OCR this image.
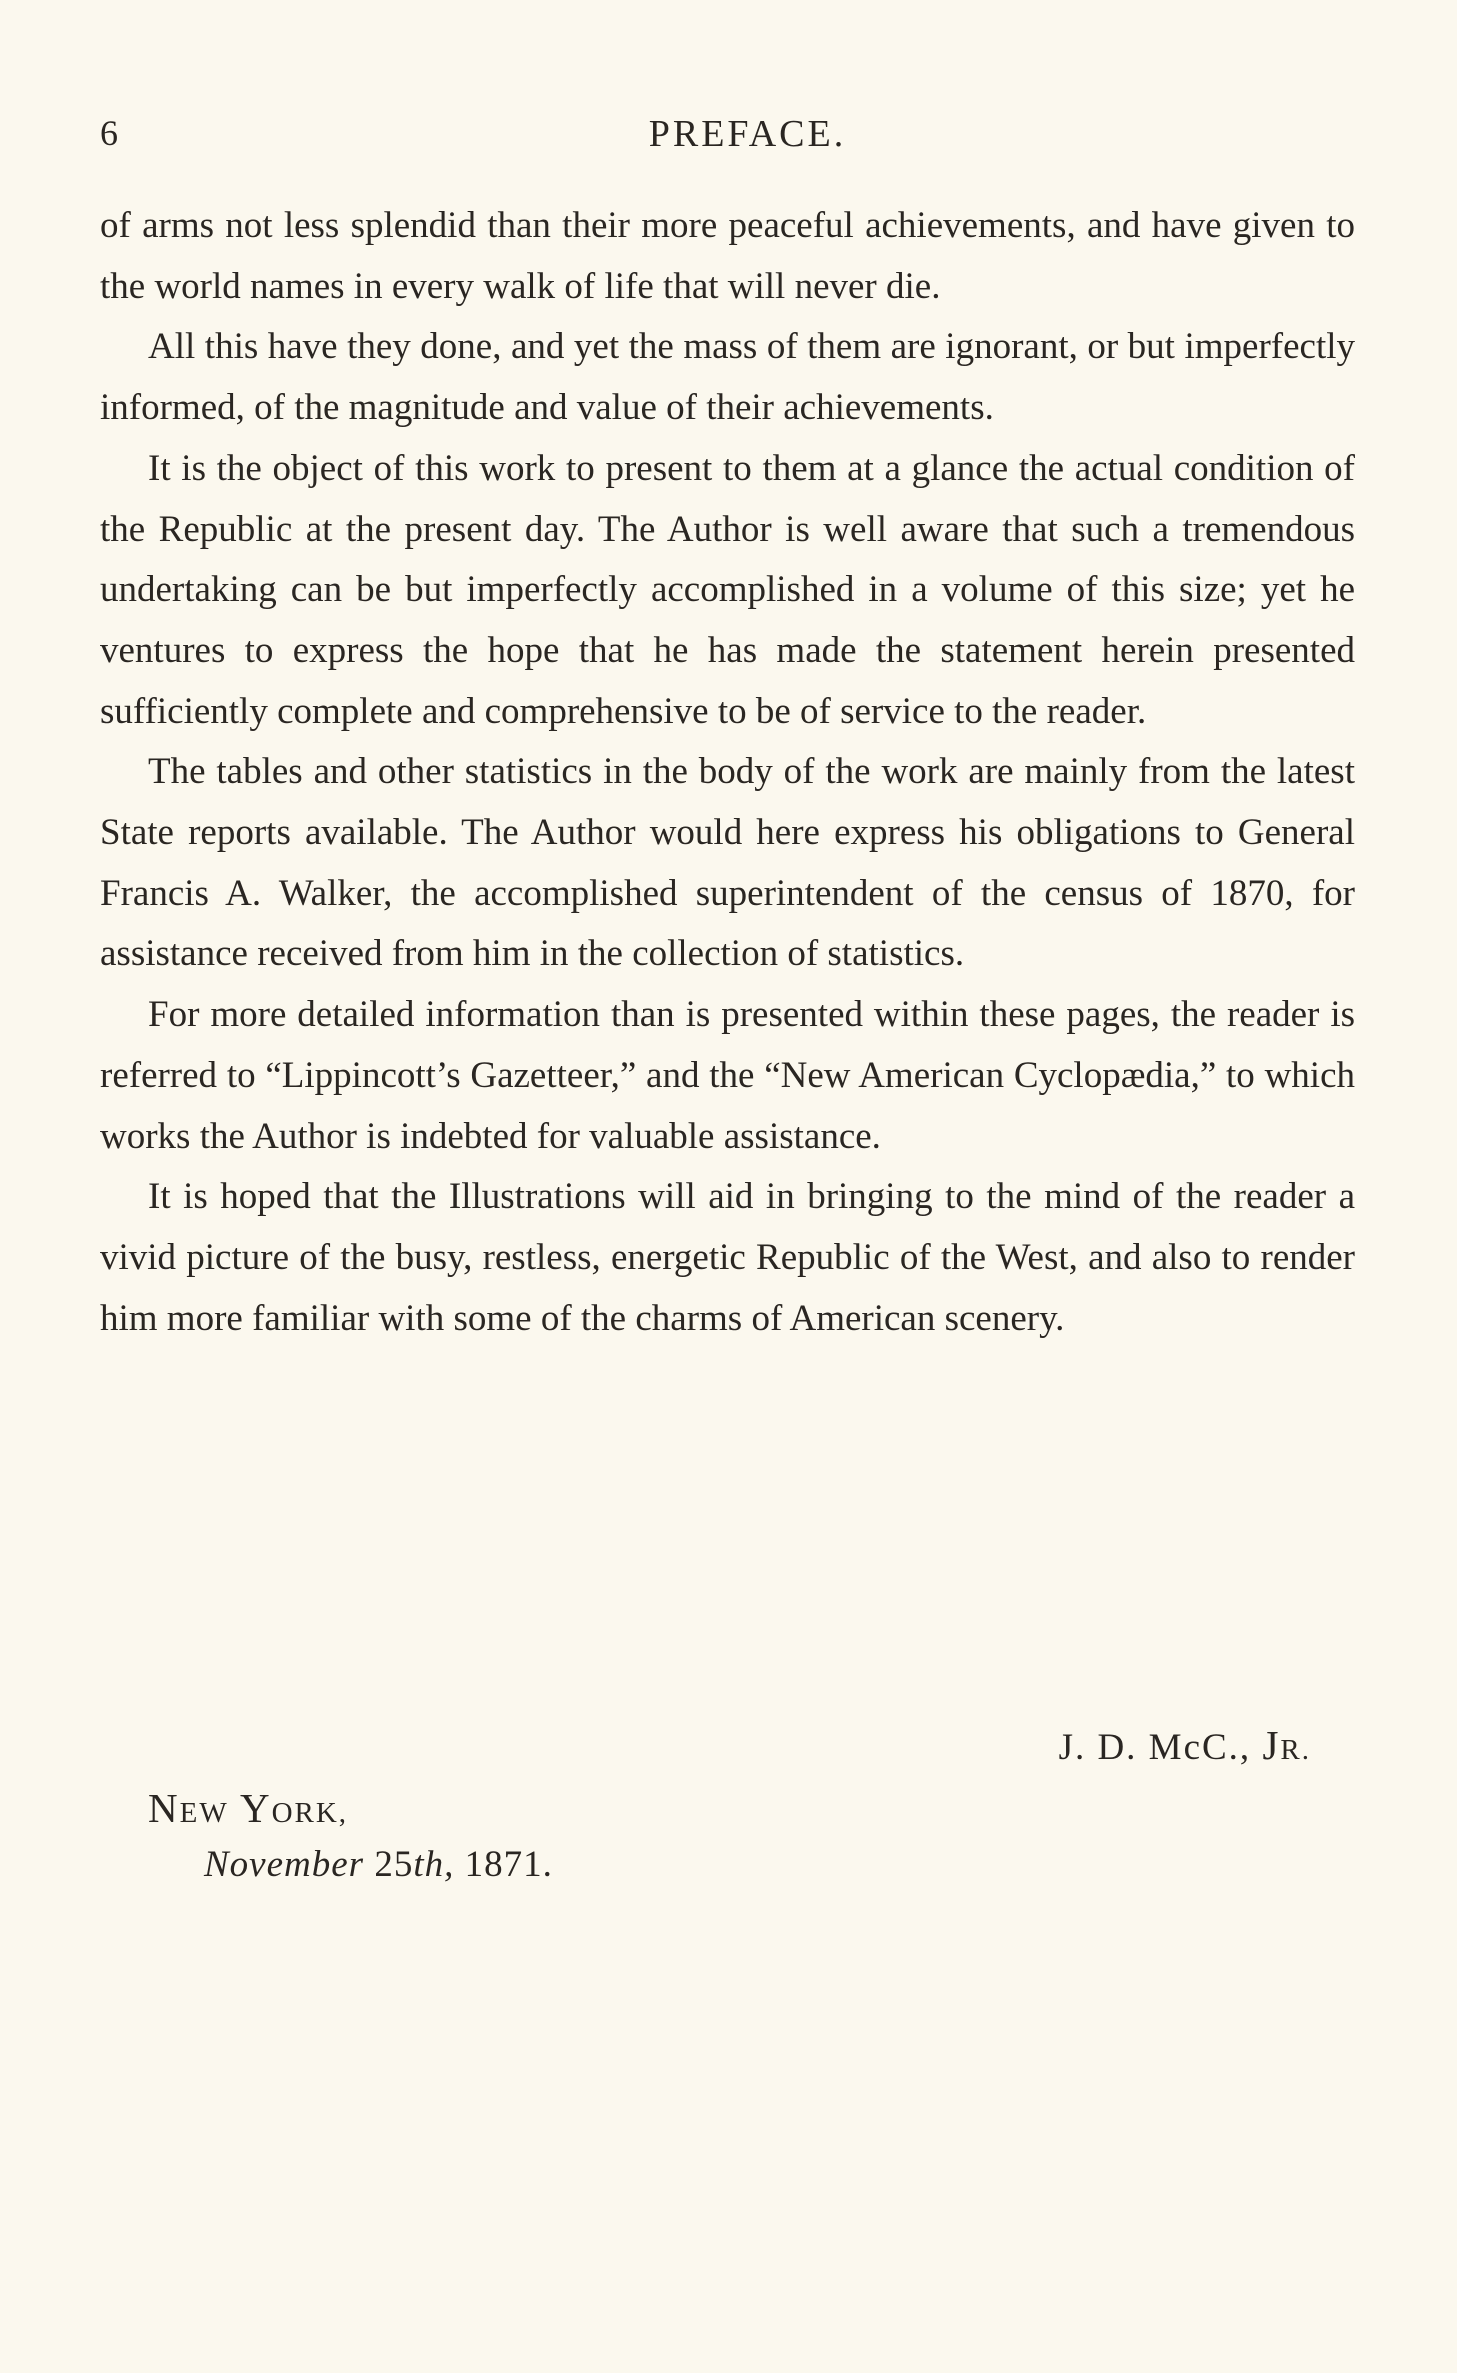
6	PREFACE.

of arms not less splendid than their more peaceful achievements, and have given to the world names in every walk of life that will never die.

All this have they done, and yet the mass of them are ignorant, or but imperfectly informed, of the magnitude and value of their achievements.

It is the object of this work to present to them at a glance the actual condition of the Republic at the present day. The Author is well aware that such a tremendous undertaking can be but imperfectly accomplished in a volume of this size; yet he ventures to express the hope that he has made the statement herein presented sufficiently complete and comprehensive to be of service to the reader.

The tables and other statistics in the body of the work are mainly from the latest State reports available. The Author would here express his obligations to General Francis A. Walker, the accomplished superintendent of the census of 1870, for assistance received from him in the collection of statistics.

For more detailed information than is presented within these pages, the reader is referred to “Lippincott’s Gazetteer,” and the “New American Cyclopædia,” to which works the Author is indebted for valuable assistance.

It is hoped that the Illustrations will aid in bringing to the mind of the reader a vivid picture of the busy, restless, energetic Republic of the West, and also to render him more familiar with some of the charms of American scenery.

J. D. McC., JR.
NEW YORK,
November 25th, 1871.
